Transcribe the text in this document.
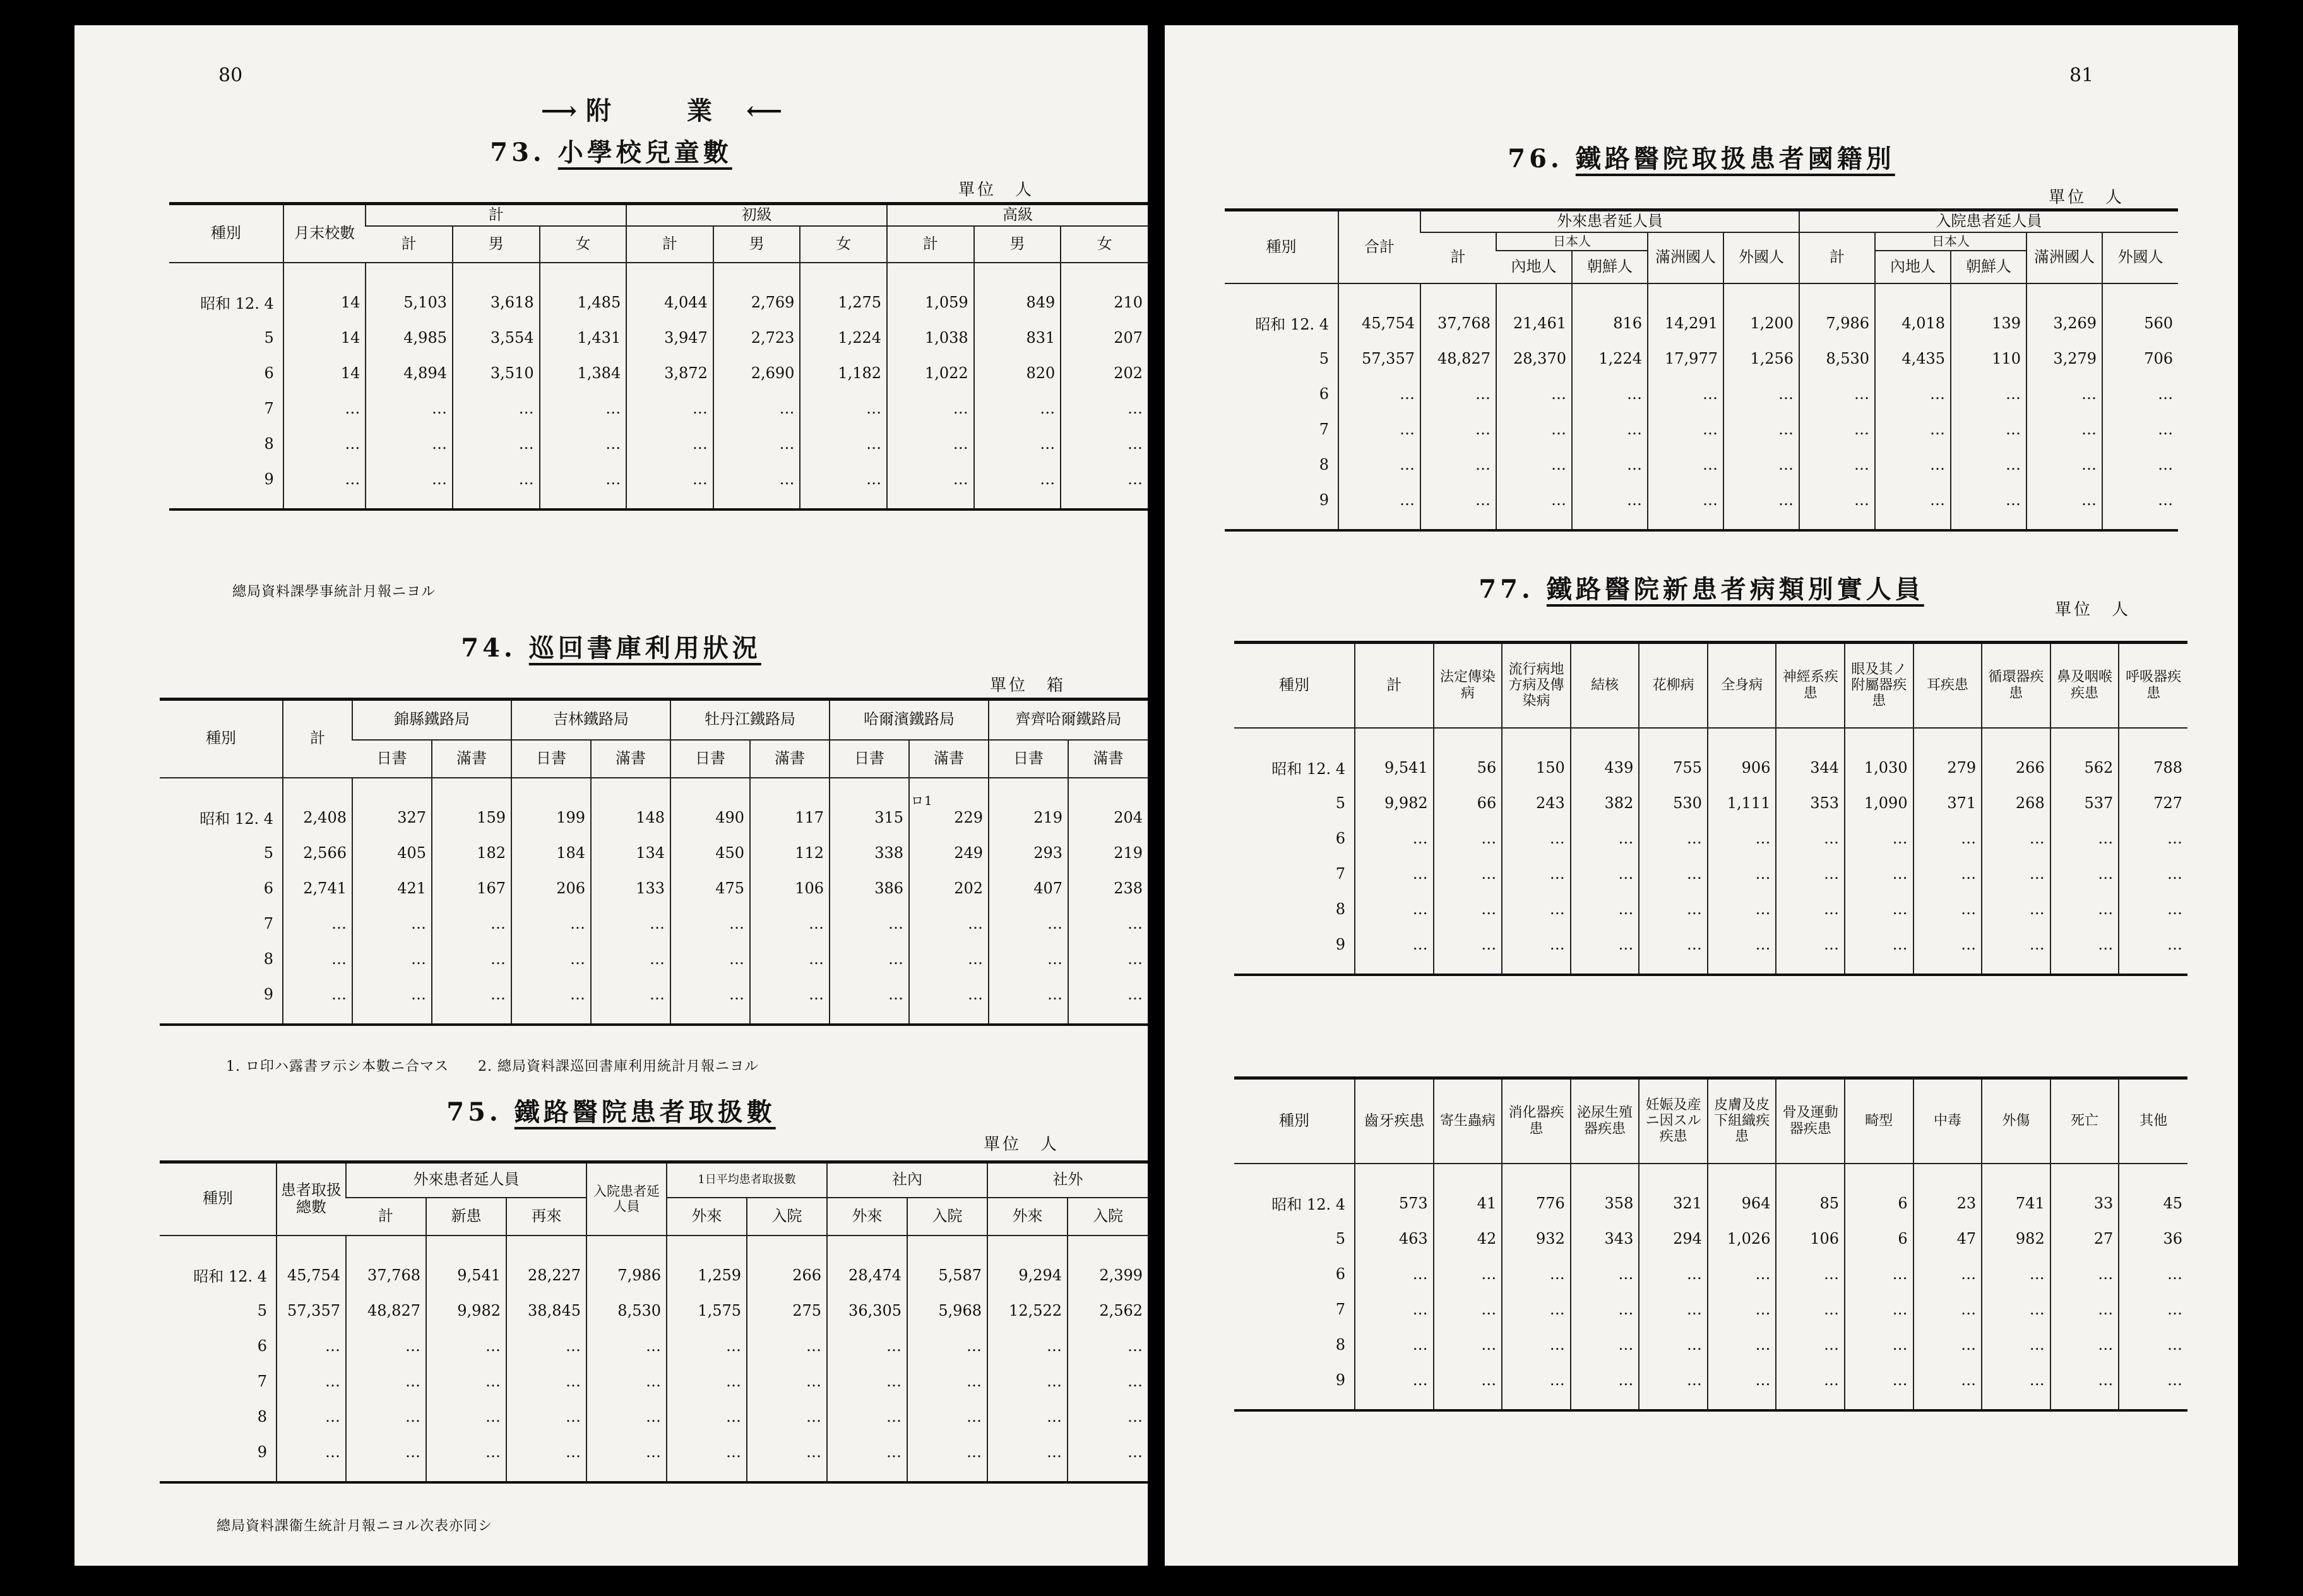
80
⟶ 附　業 ⟵
73. 小學校兒童數
單位　人
種別	月末校數	計			初級			高級		
		計	男	女	計	男	女	計	男	女
昭和 12. 4	14	5,103	3,618	1,485	4,044	2,769	1,275	1,059	849	210
5	14	4,985	3,554	1,431	3,947	2,723	1,224	1,038	831	207
6	14	4,894	3,510	1,384	3,872	2,690	1,182	1,022	820	202
7	…	…	…	…	…	…	…	…	…	…
8	…	…	…	…	…	…	…	…	…	…
9	…	…	…	…	…	…	…	…	…	…
總局資料課學事統計月報ニヨル
74. 巡回書庫利用狀況
單位　箱
種別	計	錦縣鐵路局		吉林鐵路局		牡丹江鐵路局		哈爾濱鐵路局		齊齊哈爾鐵路局	
		日書	滿書	日書	滿書	日書	滿書	日書	滿書	日書	滿書
昭和 12. 4	2,408	327	159	199	148	490	117	315	229	219	204
5	2,566	405	182	184	134	450	112	338	249	293	219
6	2,741	421	167	206	133	475	106	386	202	407	238
7	…	…	…	…	…	…	…	…	…	…	…
8	…	…	…	…	…	…	…	…	…	…	…
9	…	…	…	…	…	…	…	…	…	…	…
ロ1
1. ロ印ハ露書ヲ示シ本數ニ合マス　　2. 總局資料課巡回書庫利用統計月報ニヨル
75. 鐵路醫院患者取扱數
單位　人
種別	患者取扱總數	外來患者延人員			入院患者延人員	1日平均患者取扱數		社內		社外	
		計	新患	再來		外來	入院	外來	入院	外來	入院
昭和 12. 4	45,754	37,768	9,541	28,227	7,986	1,259	266	28,474	5,587	9,294	2,399
5	57,357	48,827	9,982	38,845	8,530	1,575	275	36,305	5,968	12,522	2,562
6	…	…	…	…	…	…	…	…	…	…	…
7	…	…	…	…	…	…	…	…	…	…	…
8	…	…	…	…	…	…	…	…	…	…	…
9	…	…	…	…	…	…	…	…	…	…	…
總局資料課衞生統計月報ニヨル次表亦同シ
81
76. 鐵路醫院取扱患者國籍別
單位　人
種別	合計	外來患者延人員					入院患者延人員				
		計	日本人		滿洲國人	外國人	計	日本人		滿洲國人	外國人
			內地人	朝鮮人				內地人	朝鮮人		
昭和 12. 4	45,754	37,768	21,461	816	14,291	1,200	7,986	4,018	139	3,269	560
5	57,357	48,827	28,370	1,224	17,977	1,256	8,530	4,435	110	3,279	706
6	…	…	…	…	…	…	…	…	…	…	…
7	…	…	…	…	…	…	…	…	…	…	…
8	…	…	…	…	…	…	…	…	…	…	…
9	…	…	…	…	…	…	…	…	…	…	…
77. 鐵路醫院新患者病類別實人員
單位　人
種別	計	法定傳染病	流行病地方病及傳染病	結核	花柳病	全身病	神經系疾患	眼及其ノ附屬器疾患	耳疾患	循環器疾患	鼻及咽喉疾患	呼吸器疾患
昭和 12. 4	9,541	56	150	439	755	906	344	1,030	279	266	562	788
5	9,982	66	243	382	530	1,111	353	1,090	371	268	537	727
6	…	…	…	…	…	…	…	…	…	…	…	…
7	…	…	…	…	…	…	…	…	…	…	…	…
8	…	…	…	…	…	…	…	…	…	…	…	…
9	…	…	…	…	…	…	…	…	…	…	…	…
種別	齒牙疾患	寄生蟲病	消化器疾患	泌尿生殖器疾患	妊娠及産ニ因スル疾患	皮膚及皮下組織疾患	骨及運動器疾患	畸型	中毒	外傷	死亡	其他
昭和 12. 4	573	41	776	358	321	964	85	6	23	741	33	45
5	463	42	932	343	294	1,026	106	6	47	982	27	36
6	…	…	…	…	…	…	…	…	…	…	…	…
7	…	…	…	…	…	…	…	…	…	…	…	…
8	…	…	…	…	…	…	…	…	…	…	…	…
9	…	…	…	…	…	…	…	…	…	…	…	…
